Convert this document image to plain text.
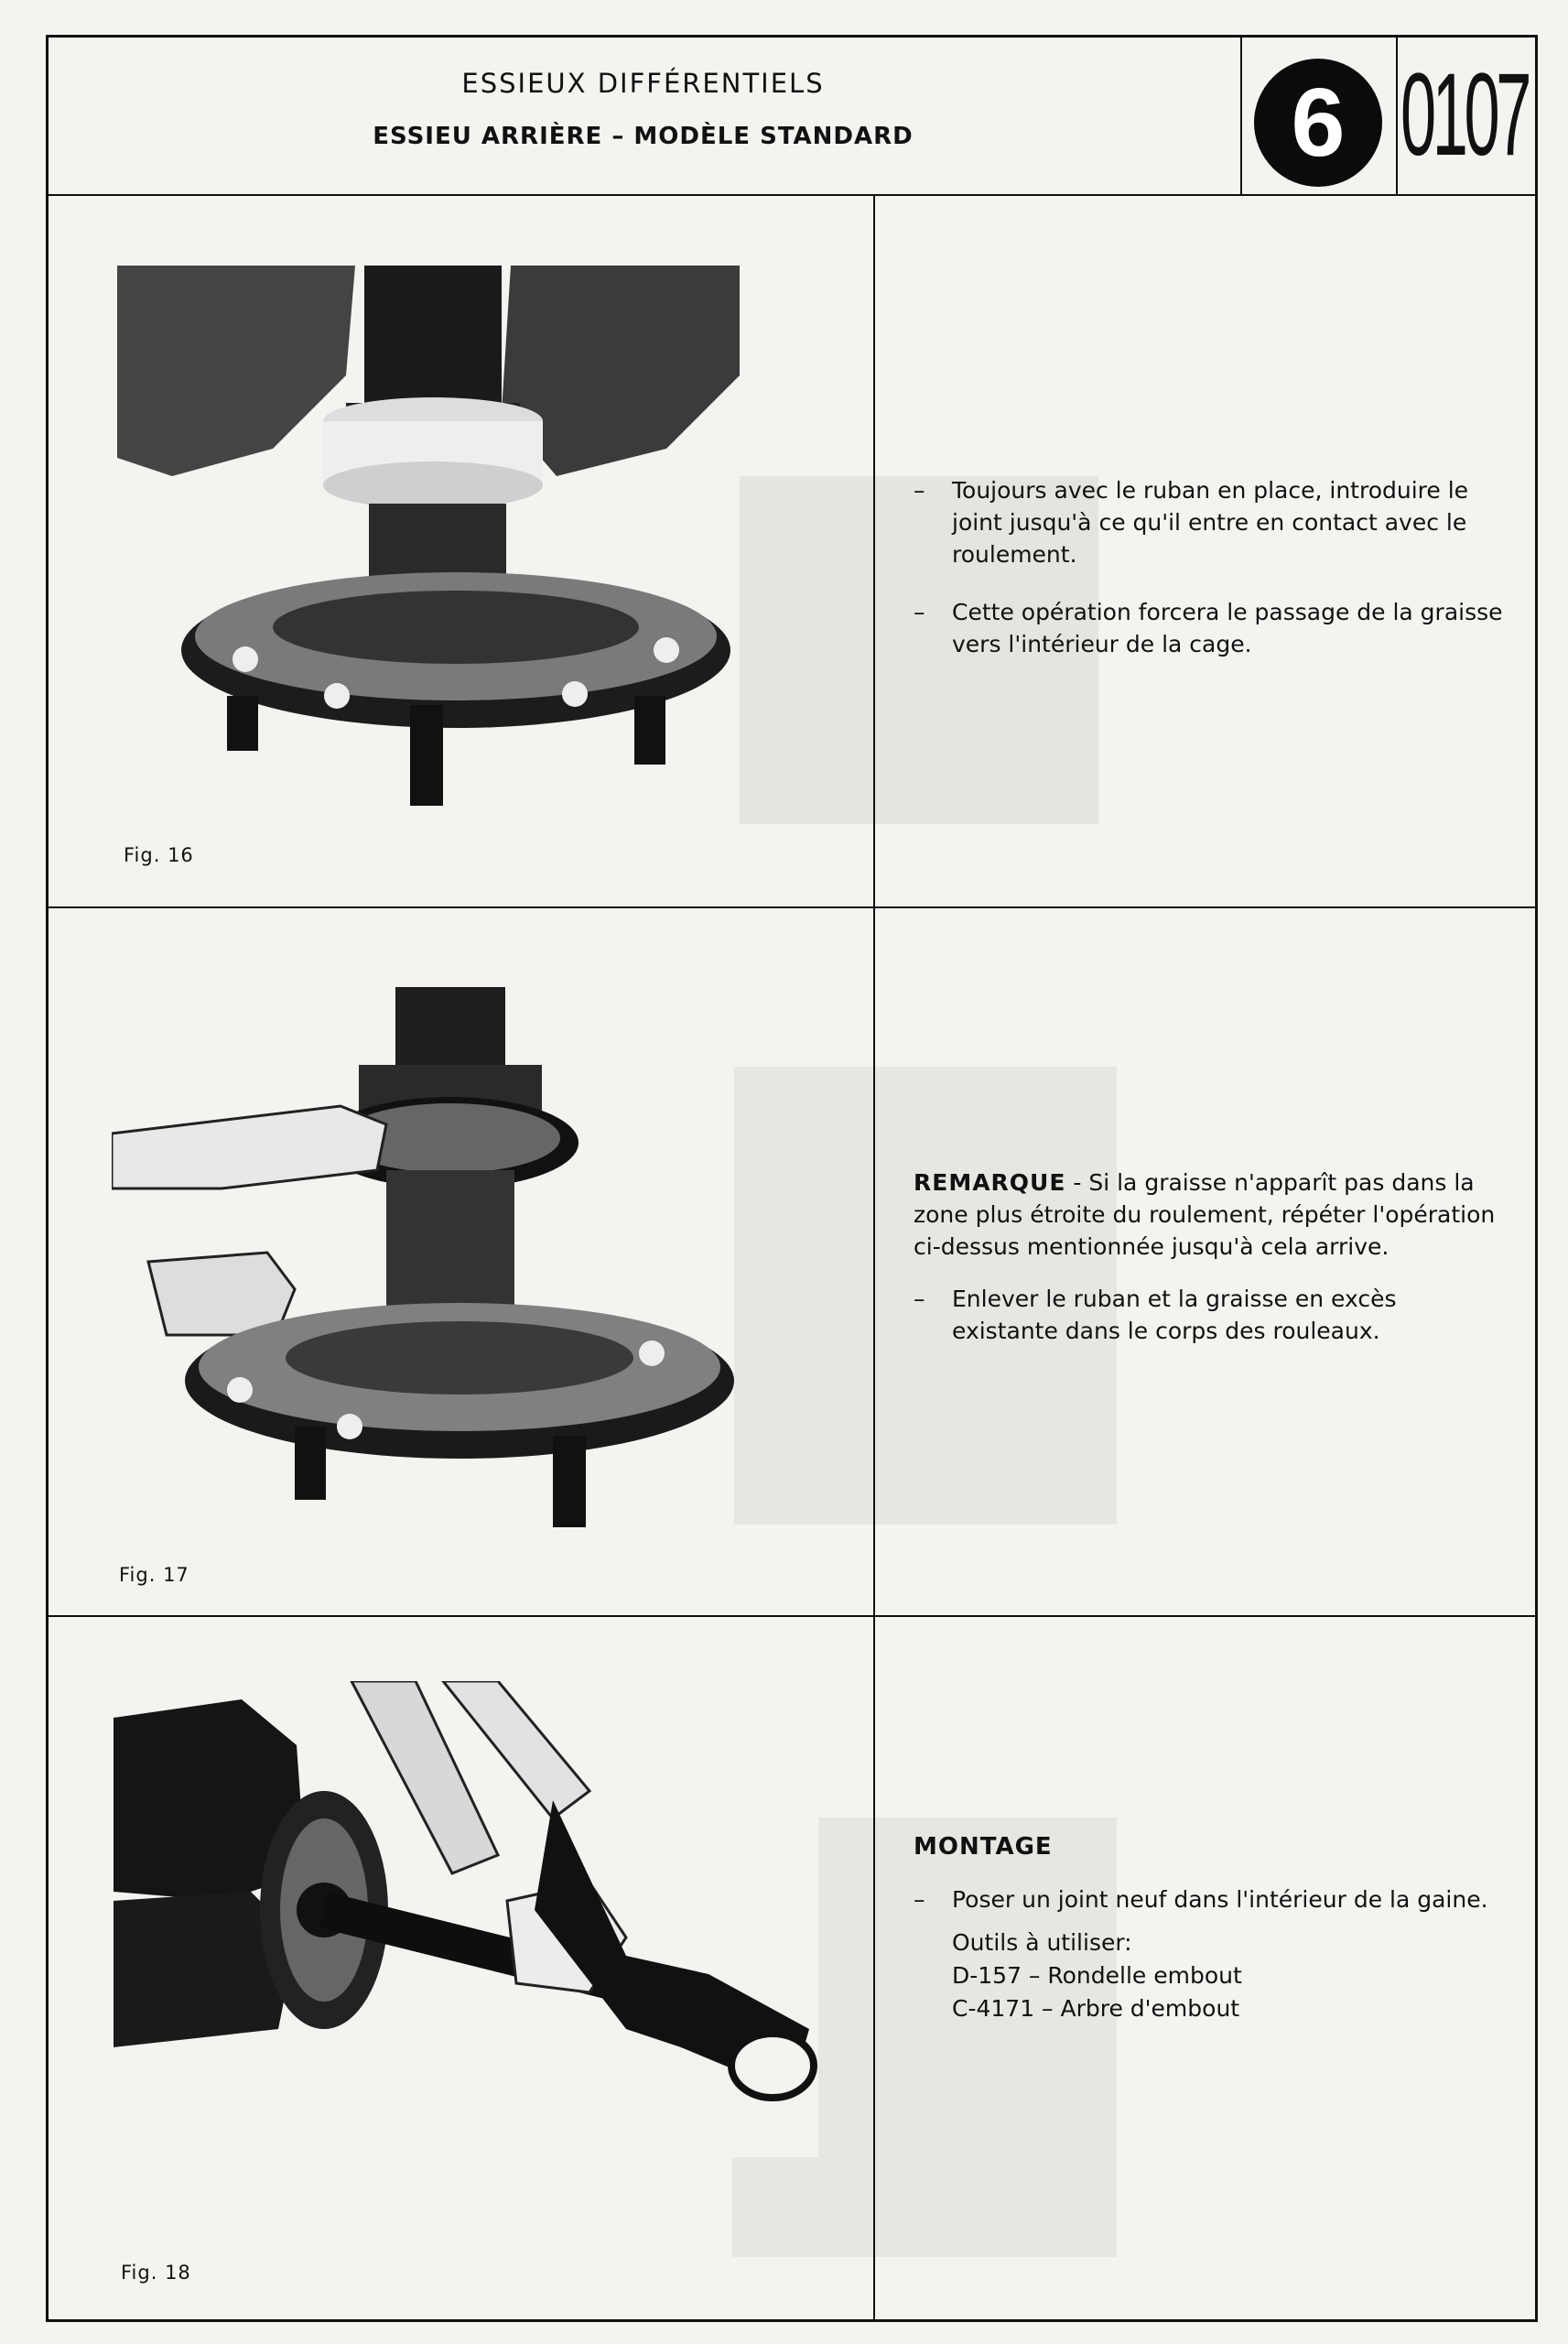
ESSIEUX DIFFÉRENTIELS
ESSIEU ARRIÈRE – MODÈLE STANDARD	6 0107
Fig. 16
–	Toujours avec le ruban en place, introduire le joint jusqu'à ce qu'il entre en contact avec le roulement.
–	Cette opération forcera le passage de la graisse vers l'intérieur de la cage.
Fig. 17
REMARQUE - Si la graisse n'apparît pas dans la zone plus étroite du roulement, répéter l'opération ci-dessus mentionnée jusqu'à cela arrive.
–	Enlever le ruban et la graisse en excès existante dans le corps des rouleaux.
Fig. 18
MONTAGE
–	Poser un joint neuf dans l'intérieur de la gaine.
Outils à utiliser:
D-157 – Rondelle embout
C-4171 – Arbre d'embout
